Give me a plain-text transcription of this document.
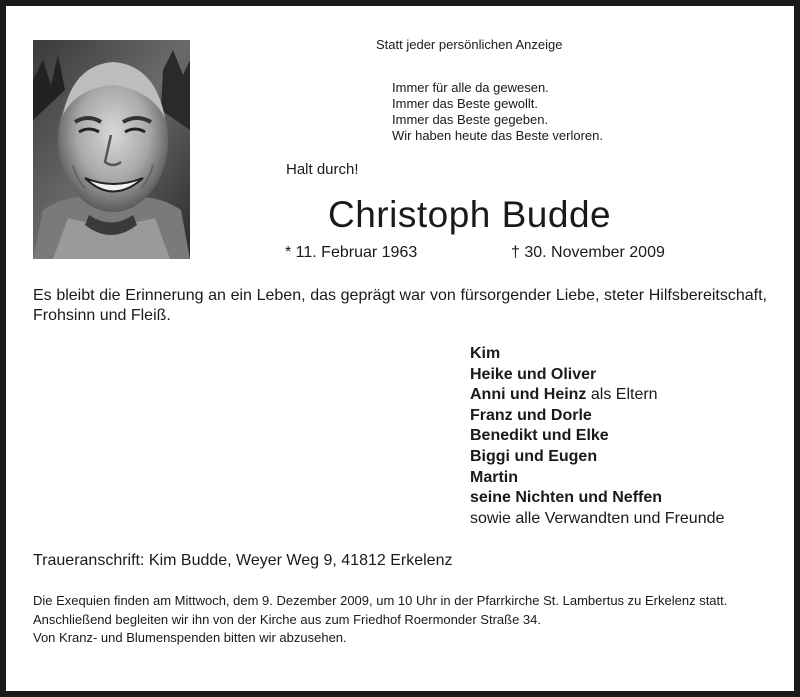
Statt jeder persönlichen Anzeige
Immer für alle da gewesen.
Immer das Beste gewollt.
Immer das Beste gegeben.
Wir haben heute das Beste verloren.
Halt durch!
Christoph Budde
* 11. Februar 1963	† 30. November 2009
Es bleibt die Erinnerung an ein Leben, das geprägt war von fürsorgender Liebe, steter Hilfsbereitschaft, Frohsinn und Fleiß.
Kim
Heike und Oliver
Anni und Heinz als Eltern
Franz und Dorle
Benedikt und Elke
Biggi und Eugen
Martin
seine Nichten und Neffen
sowie alle Verwandten und Freunde
Traueranschrift: Kim Budde, Weyer Weg 9, 41812 Erkelenz
Die Exequien finden am Mittwoch, dem 9. Dezember 2009, um 10 Uhr in der Pfarrkirche St. Lambertus zu Erkelenz statt.
Anschließend begleiten wir ihn von der Kirche aus zum Friedhof Roermonder Straße 34.
Von Kranz- und Blumenspenden bitten wir abzusehen.
